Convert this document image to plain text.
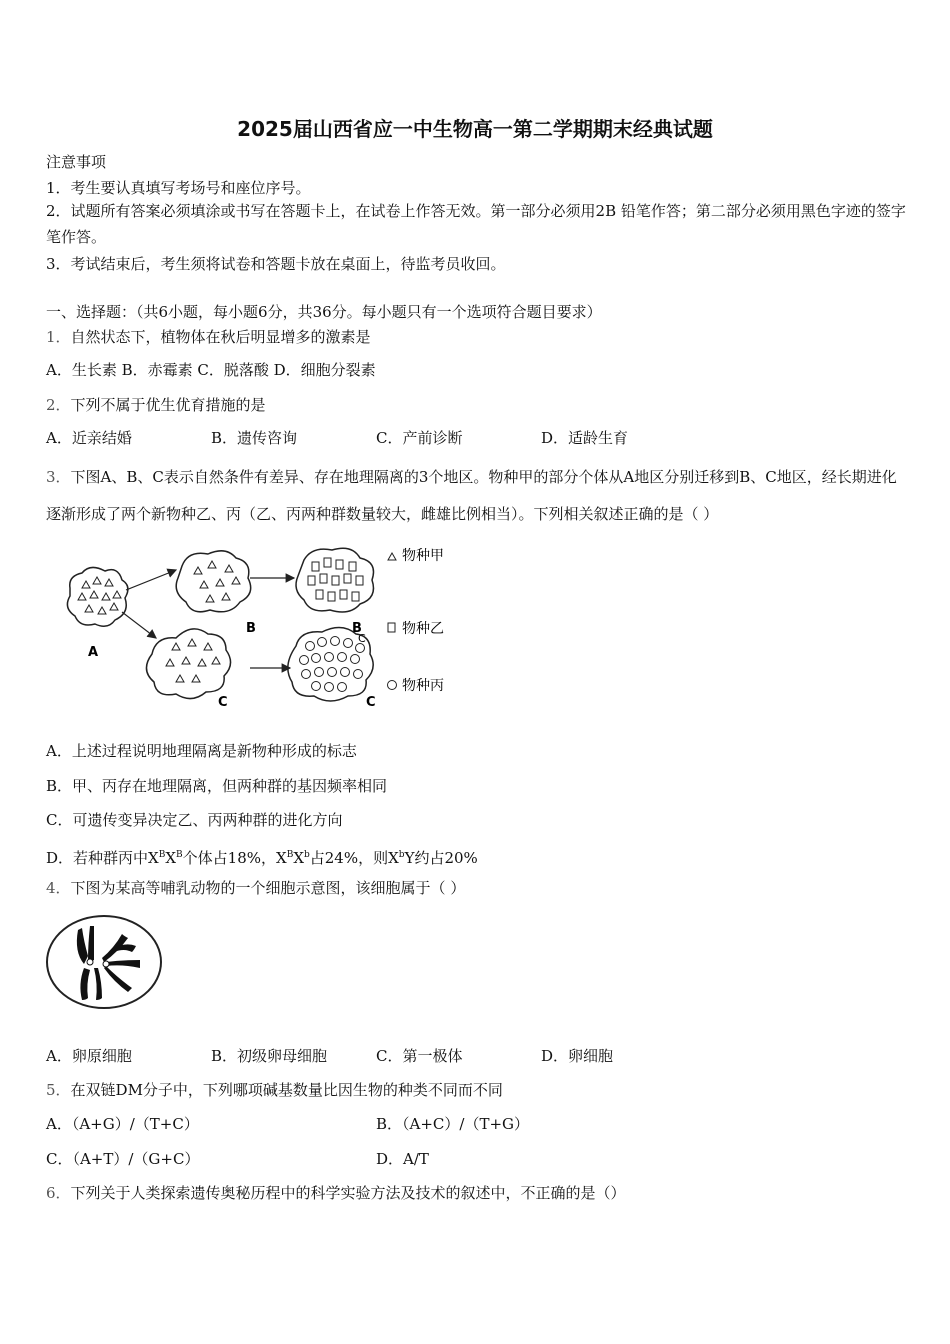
2025届山西省应一中生物高一第二学期期末经典试题
注意事项
1．考生要认真填写考场号和座位序号。
2．试题所有答案必须填涂或书写在答题卡上，在试卷上作答无效。第一部分必须用2B 铅笔作答；第二部分必须用黑色字迹的签字笔作答。
3．考试结束后，考生须将试卷和答题卡放在桌面上，待监考员收回。
一、选择题：（共6小题，每小题6分，共36分。每小题只有一个选项符合题目要求）
1．自然状态下，植物体在秋后明显增多的激素是
A．生长素 B．赤霉素 C．脱落酸 D．细胞分裂素
2．下列不属于优生优育措施的是
A．近亲结婚	B．遗传咨询	C．产前诊断	D．适龄生育
3．下图A、B、C表示自然条件有差异、存在地理隔离的3个地区。物种甲的部分个体从A地区分别迁移到B、C地区，经长期进化逐渐形成了两个新物种乙、丙（乙、丙两种群数量较大，雌雄比例相当）。下列相关叙述正确的是（ ）
A
B	B
C
C
C
物种甲
物种乙
物种丙
A．上述过程说明地理隔离是新物种形成的标志
B．甲、丙存在地理隔离，但两种群的基因频率相同
C．可遗传变异决定乙、丙两种群的进化方向
D．若种群丙中$X^BX^B$个体占18%，$X^BX^b$占24%，则$X^bY$约占20%
4．下图为某高等哺乳动物的一个细胞示意图，该细胞属于（ ）
A．卵原细胞	B．初级卵母细胞	C．第一极体	D．卵细胞
5．在双链DM分子中，下列哪项碱基数量比因生物的种类不同而不同
A．（A+G）/（T+C）	B．（A+C）/（T+G）
C．（A+T）/（G+C）	D．A/T
6．下列关于人类探索遗传奥秘历程中的科学实验方法及技术的叙述中，不正确的是（）
